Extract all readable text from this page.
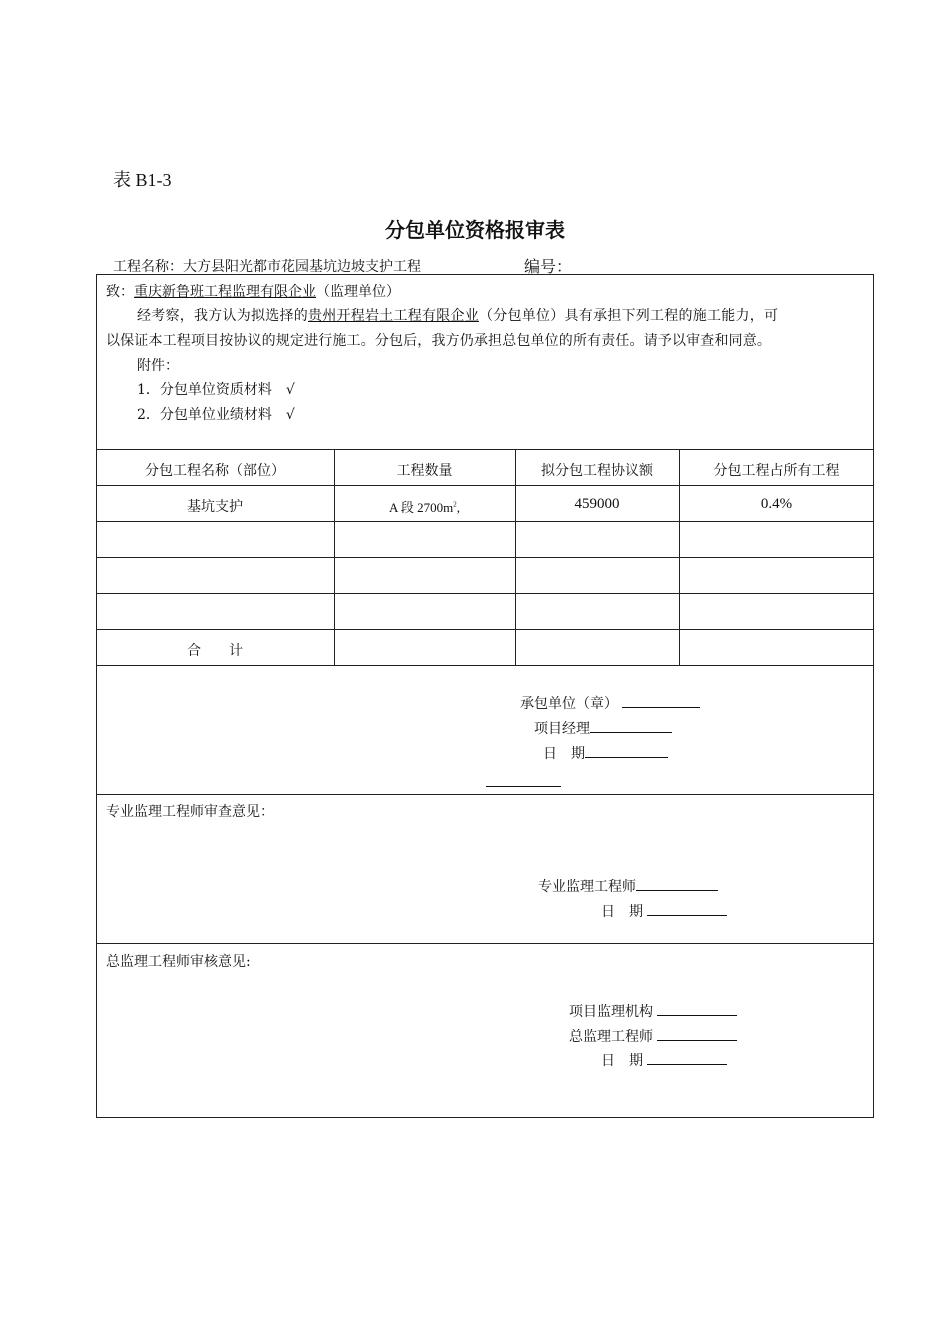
表 B1-3
分包单位资格报审表
工程名称：大方县阳光都市花园基坑边坡支护工程	编号：
致：重庆新鲁班工程监理有限企业（监理单位）
经考察，我方认为拟选择的贵州开程岩土工程有限企业（分包单位）具有承担下列工程的施工能力，可
以保证本工程项目按协议的规定进行施工。分包后，我方仍承担总包单位的所有责任。请予以审查和同意。
附件：
1．分包单位资质材料　√
2．分包单位业绩材料　√
分包工程名称（部位）	工程数量	拟分包工程协议额	分包工程占所有工程
基坑支护	A 段 $2700m^2$,	459000	0.4%
合　　计
承包单位（章）
项目经理
日　期
专业监理工程师审查意见：
专业监理工程师
日　期
总监理工程师审核意见:
项目监理机构
总监理工程师
日　期
